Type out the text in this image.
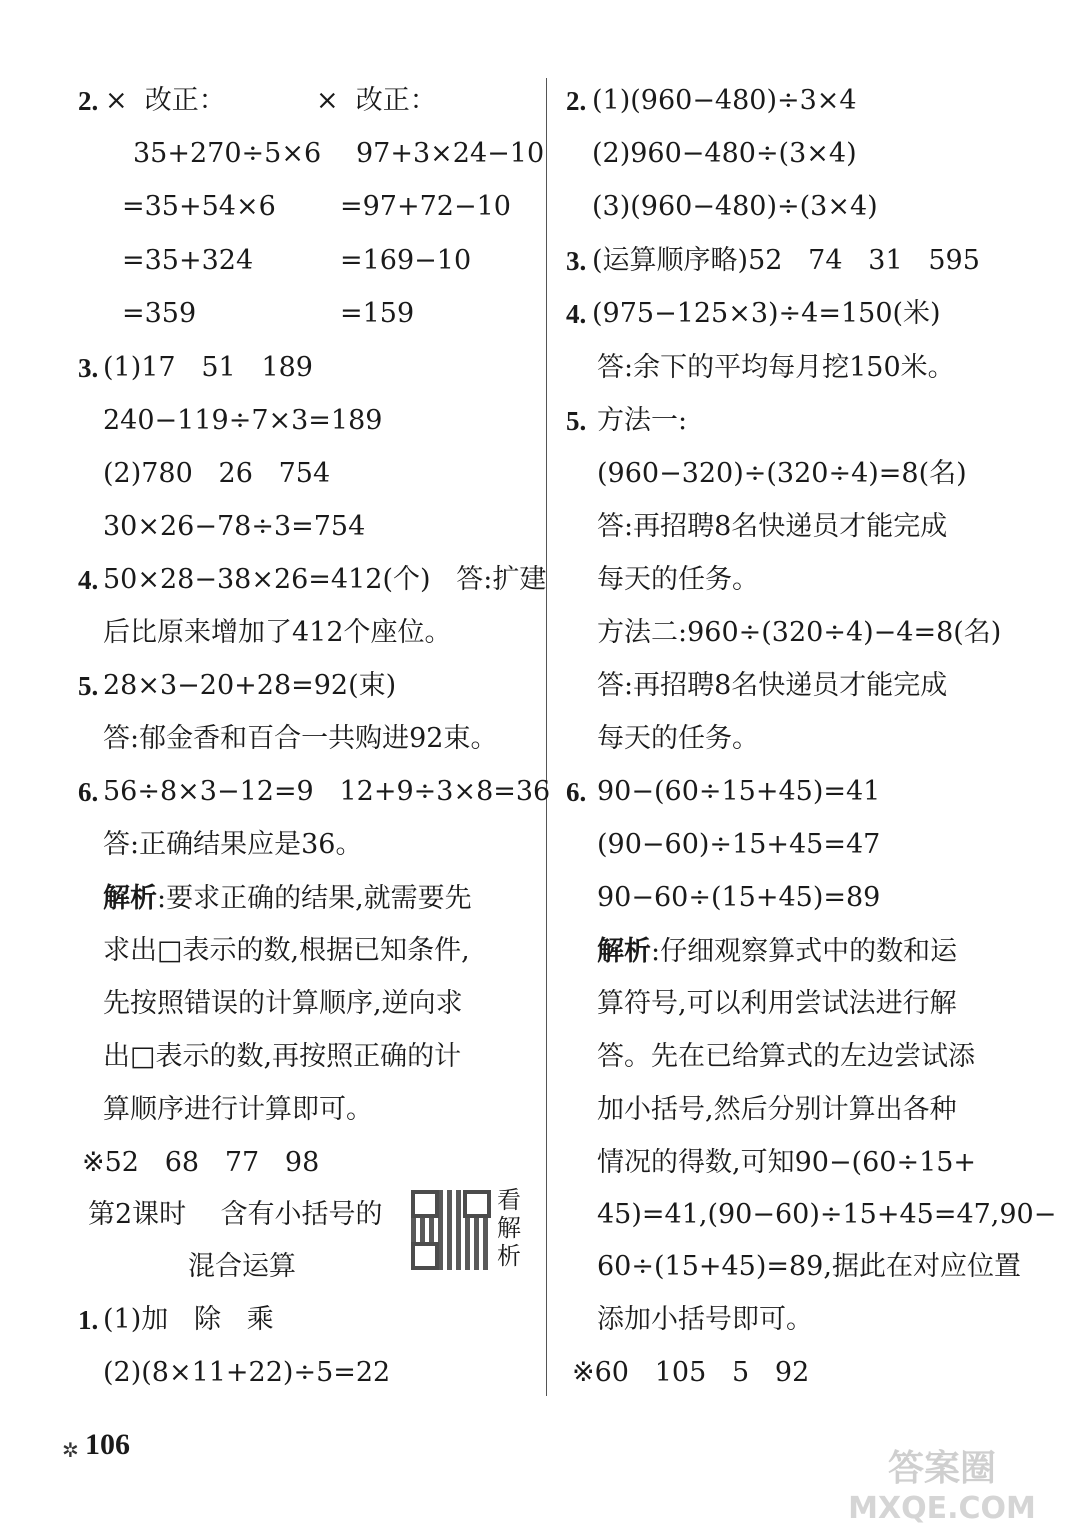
2. ×  改正：	×  改正：
35+270÷5×6 97+3×24−10
=35+54×6 =97+72−10
=35+324	=169−10
=359	=159
3. (1)17   51   189
240−119÷7×3=189
(2)780   26   754
30×26−78÷3=754
4. 50×28−38×26=412(个)   答:扩建
后比原来增加了412个座位。
5. 28×3−20+28=92(束)
答:郁金香和百合一共购进92束。
6. 56÷8×3−12=9   12+9÷3×8=36
答:正确结果应是36。
解析:要求正确的结果,就需要先
求出□表示的数,根据已知条件,
先按照错误的计算顺序,逆向求
出□表示的数,再按照正确的计
算顺序进行计算即可。
※52   68   77   98
第2课时    含有小括号的	看
解
析
混合运算
1. (1)加   除   乘
(2)(8×11+22)÷5=22
2. (1)(960−480)÷3×4
(2)960−480÷(3×4)
(3)(960−480)÷(3×4)
3. (运算顺序略)52   74   31   595
4. (975−125×3)÷4=150(米)
答:余下的平均每月挖150米。
5. 方法一:
(960−320)÷(320÷4)=8(名)
答:再招聘8名快递员才能完成
每天的任务。
方法二:960÷(320÷4)−4=8(名)
答:再招聘8名快递员才能完成
每天的任务。
6. 90−(60÷15+45)=41
(90−60)÷15+45=47
90−60÷(15+45)=89
解析:仔细观察算式中的数和运
算符号,可以利用尝试法进行解
答。先在已给算式的左边尝试添
加小括号,然后分别计算出各种
情况的得数,可知90−(60÷15+
45)=41,(90−60)÷15+45=47,90−
60÷(15+45)=89,据此在对应位置
添加小括号即可。
※60   105   5   92
✲ 106
答案圈
MXQE.COM
